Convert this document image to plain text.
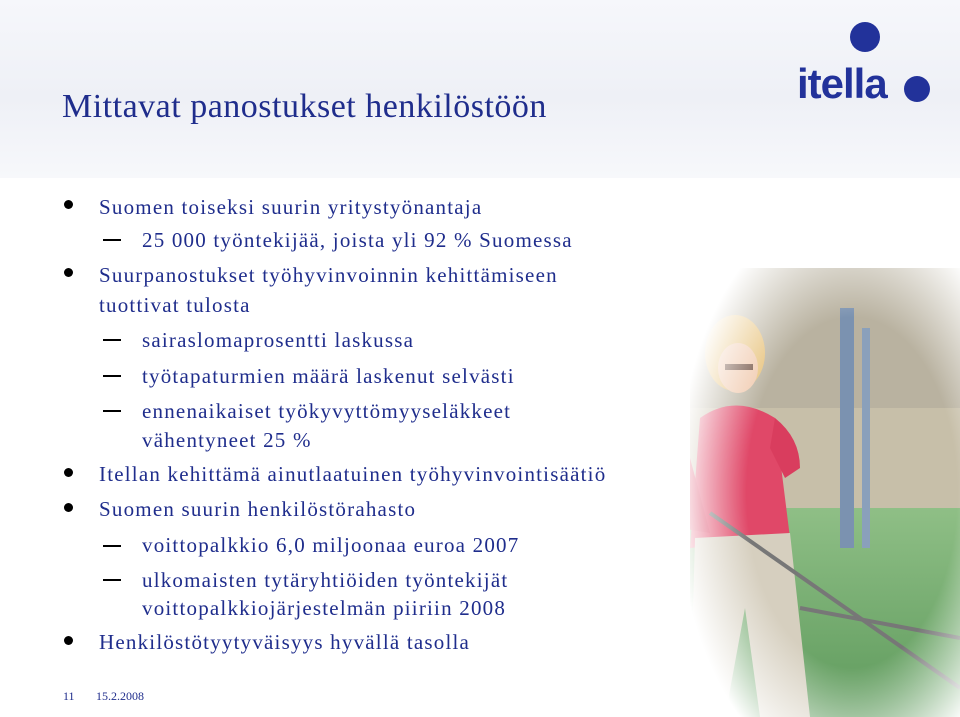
Mittavat panostukset henkilöstöön	itella
Suomen toiseksi suurin yritystyönantaja
25 000 työntekijää, joista yli 92 % Suomessa
Suurpanostukset työhyvinvoinnin kehittämiseen
tuottivat tulosta
sairaslomaprosentti laskussa
työtapaturmien määrä laskenut selvästi
ennenaikaiset työkyvyttömyyseläkkeet
vähentyneet 25 %
Itellan kehittämä ainutlaatuinen työhyvinvointisäätiö
Suomen suurin henkilöstörahasto
voittopalkkio 6,0 miljoonaa euroa 2007
ulkomaisten tytäryhtiöiden työntekijät
voittopalkkiojärjestelmän piiriin 2008
Henkilöstötyytyväisyys hyvällä tasolla
11 15.2.2008
